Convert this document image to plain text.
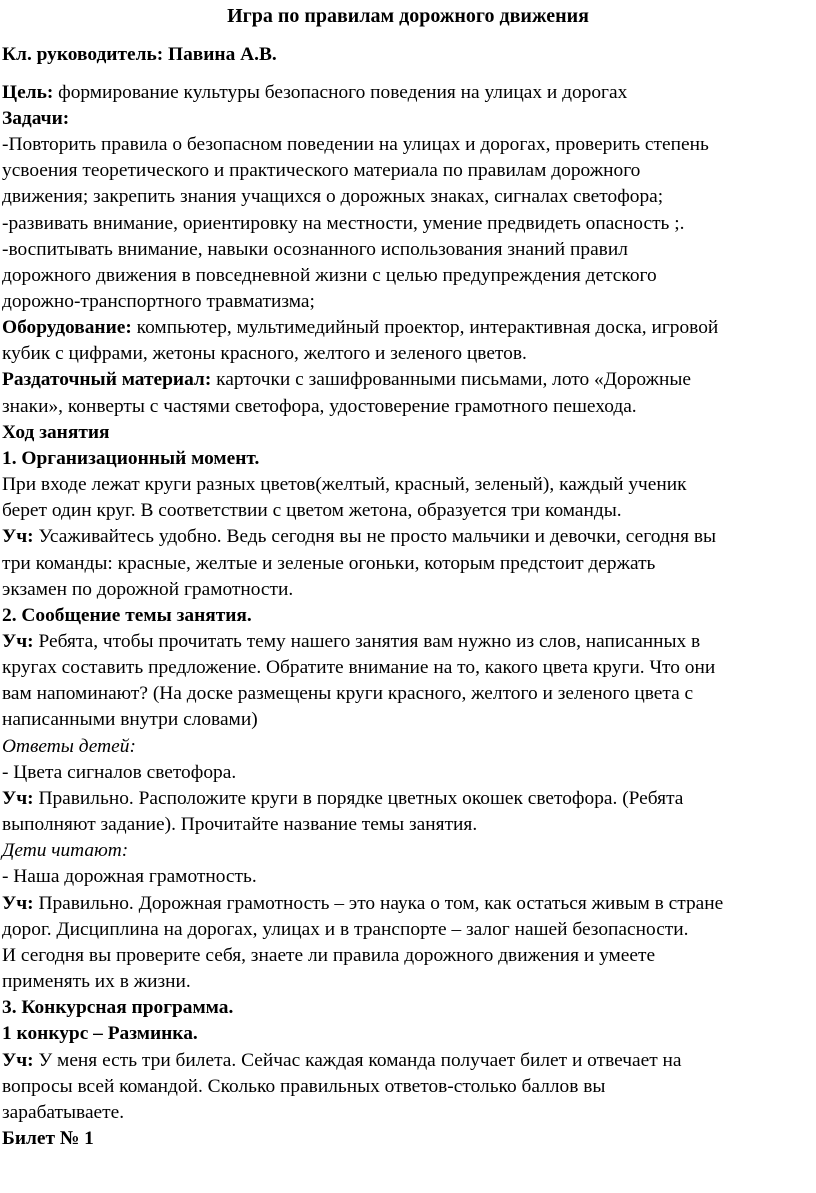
Игра по правилам дорожного движения
Кл. руководитель: Павина А.В.
Цель: формирование культуры безопасного поведения на улицах и дорогах
Задачи:
-Повторить правила о безопасном поведении на улицах и дорогах, проверить степень
усвоения теоретического и практического материала по правилам дорожного
движения; закрепить знания учащихся о дорожных знаках, сигналах светофора;
-развивать внимание, ориентировку на местности, умение предвидеть опасность ;.
-воспитывать внимание, навыки осознанного использования знаний правил
дорожного движения в повседневной жизни с целью предупреждения детского
дорожно-транспортного травматизма;
Оборудование: компьютер, мультимедийный проектор, интерактивная доска, игровой
кубик с цифрами, жетоны красного, желтого и зеленого цветов.
Раздаточный материал: карточки с зашифрованными письмами, лото «Дорожные
знаки», конверты с частями светофора, удостоверение грамотного пешехода.
Ход занятия
1. Организационный момент.
При входе лежат круги разных цветов(желтый, красный, зеленый), каждый ученик
берет один круг. В соответствии с цветом жетона, образуется три команды.
Уч: Усаживайтесь удобно. Ведь сегодня вы не просто мальчики и девочки, сегодня вы
три команды: красные, желтые и зеленые огоньки, которым предстоит держать
экзамен по дорожной грамотности.
2. Сообщение темы занятия.
Уч: Ребята, чтобы прочитать тему нашего занятия вам нужно из слов, написанных в
кругах составить предложение. Обратите внимание на то, какого цвета круги. Что они
вам напоминают? (На доске размещены круги красного, желтого и зеленого цвета с
написанными внутри словами)
Ответы детей:
- Цвета сигналов светофора.
Уч: Правильно. Расположите круги в порядке цветных окошек светофора. (Ребята
выполняют задание). Прочитайте название темы занятия.
Дети читают:
- Наша дорожная грамотность.
Уч: Правильно. Дорожная грамотность – это наука о том, как остаться живым в стране
дорог. Дисциплина на дорогах, улицах и в транспорте – залог нашей безопасности.
И сегодня вы проверите себя, знаете ли правила дорожного движения и умеете
применять их в жизни.
3. Конкурсная программа.
1 конкурс – Разминка.
Уч: У меня есть три билета. Сейчас каждая команда получает билет и отвечает на
вопросы всей командой. Сколько правильных ответов-столько баллов вы
зарабатываете.
Билет № 1
